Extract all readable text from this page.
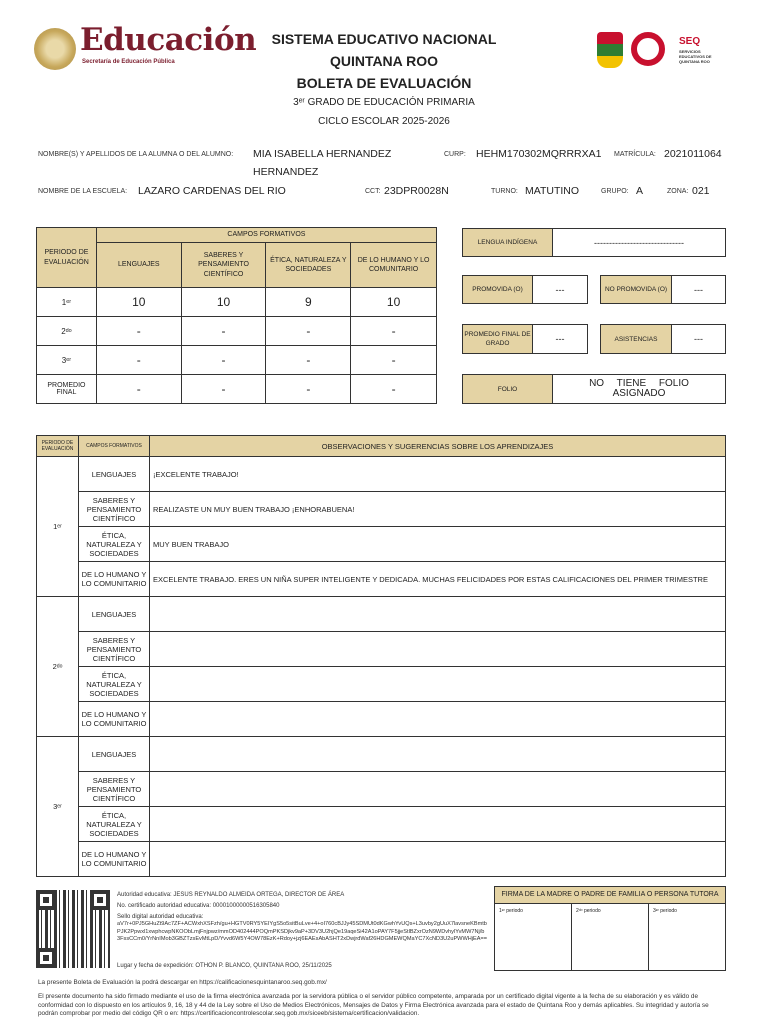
Educación
Secretaría de Educación Pública
SEQ
SERVICIOS EDUCATIVOS DE QUINTANA ROO
SISTEMA EDUCATIVO NACIONAL
QUINTANA ROO
BOLETA DE EVALUACIÓN
3ᵉʳ GRADO DE EDUCACIÓN PRIMARIA
CICLO ESCOLAR 2025-2026
NOMBRE(S) Y APELLIDOS DE LA ALUMNA O DEL ALUMNO: MIA ISABELLA HERNANDEZ
HERNANDEZ
CURP: HEHM170302MQRRRXA1 MATRÍCULA: 2021011064
NOMBRE DE LA ESCUELA: LAZARO CARDENAS DEL RIO	CCT: 23DPR0028N	TURNO: MATUTINO	GRUPO: A	ZONA: 021
PERIODO DE EVALUACIÓN	CAMPOS FORMATIVOS			
	LENGUAJES	SABERES Y PENSAMIENTO CIENTÍFICO	ÉTICA, NATURALEZA Y SOCIEDADES	DE LO HUMANO Y LO COMUNITARIO
1ᵉʳ	10	10	9	10
2ᵈᵒ	-	-	-	-
3ᵉʳ	-	-	-	-
PROMEDIO FINAL	-	-	-	-
LENGUA INDÍGENA	------------------------------
PROMOVIDA (O)	---	NO PROMOVIDA (O)	---
PROMEDIO FINAL DE GRADO	---	ASISTENCIAS	---
FOLIO
NO TIENE FOLIO ASIGNADO
PERIODO DE EVALUACIÓN	CAMPOS FORMATIVOS	OBSERVACIONES Y SUGERENCIAS SOBRE LOS APRENDIZAJES
1ᵉʳ	LENGUAJES	¡EXCELENTE TRABAJO!
	SABERES Y PENSAMIENTO CIENTÍFICO	REALIZASTE UN MUY BUEN TRABAJO ¡ENHORABUENA!
	ÉTICA, NATURALEZA Y SOCIEDADES	MUY BUEN TRABAJO
	DE LO HUMANO Y LO COMUNITARIO	EXCELENTE TRABAJO. ERES UN NIÑA SUPER INTELIGENTE Y DEDICADA. MUCHAS FELICIDADES POR ESTAS CALIFICACIONES DEL PRIMER TRIMESTRE
2ᵈᵒ	LENGUAJES	
	SABERES Y PENSAMIENTO CIENTÍFICO	
	ÉTICA, NATURALEZA Y SOCIEDADES	
	DE LO HUMANO Y LO COMUNITARIO	
3ᵉʳ	LENGUAJES	
	SABERES Y PENSAMIENTO CIENTÍFICO	
	ÉTICA, NATURALEZA Y SOCIEDADES	
	DE LO HUMANO Y LO COMUNITARIO	
Autoridad educativa: JESUS REYNALDO ALMEIDA ORTEGA, DIRECTOR DE ÁREA
No. certificado autoridad educativa: 00001000000516305840
Sello digital autoridad educativa:
aV7r+0PJ5GHuZt9Ac7ZF+ACWxhXSFzh/gu+HGTV0RY5YEIYgS5o5sitBuLve+4+oI760cBJJy45SDMUt0dKGwhYvUQs+L3uvby2gUuX7lavsneKBmtbPJK2Ppwxl1xwphcwpNKOObLmjFnjpwz/mmOD402444POQmPKSDjkv9aP+3DV3U2hjQe19aqeSi42A1oPAY7F5jjeStlBZxrOzN9WDvhylYvMW7Nj/b3FssCCm0/YrNnIMob3GBZTzsEvMtLpD/Yvvd6W5Y4OW78EzK+Rdoy+jzj6EAEsAbASHT2xDwjrdWaf26HDGMEWQMaYC7XcND3U2uPWWHjEA==
Lugar y fecha de expedición: OTHON P. BLANCO, QUINTANA ROO, 25/11/2025
FIRMA DE LA MADRE O PADRE DE FAMILIA O PERSONA TUTORA
1ᵉʳ periodo	2ᵈᵒ periodo	3ᵉʳ periodo
La presente Boleta de Evaluación la podrá descargar en https://calificacionesquintanaroo.seq.gob.mx/
El presente documento ha sido firmado mediante el uso de la firma electrónica avanzada por la servidora pública o el servidor público competente, amparada por un certificado digital vigente a la fecha de su elaboración y es válido de conformidad con lo dispuesto en los artículos 9, 16, 18 y 44 de la Ley sobre el Uso de Medios Electrónicos, Mensajes de Datos y Firma Electrónica avanzada para el estado de Quintana Roo y demás aplicables. Su integridad y autoría se podrán comprobar por medio del código QR o en: https://certificacioncontrolescolar.seq.gob.mx/siceeb/sistema/certificacion/validacion.
